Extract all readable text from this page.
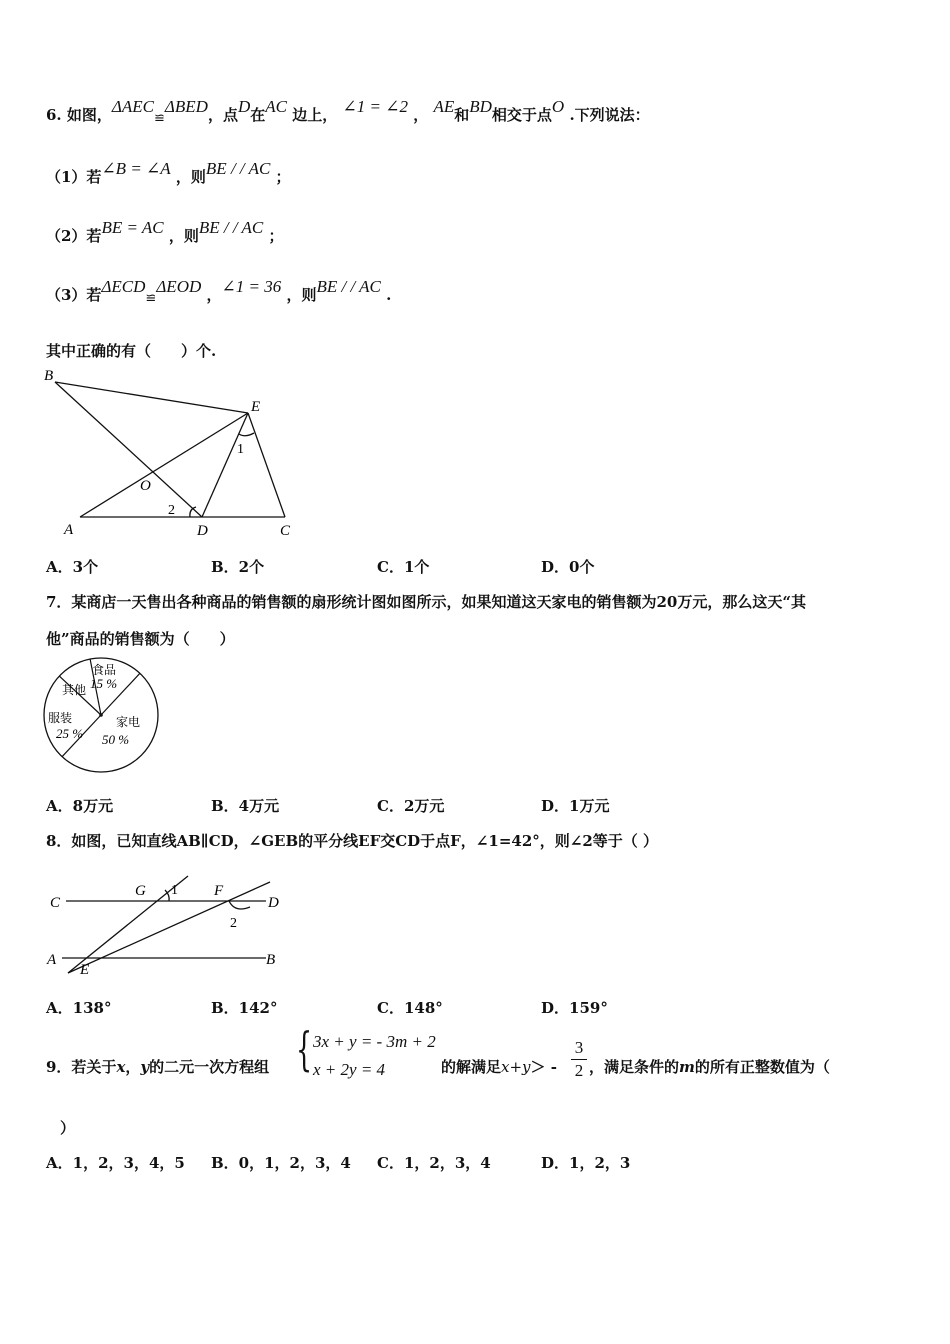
6. 如图，ΔAEC≌ΔBED，点D在AC 边上， ∠1 = ∠2 ， AE和BD相交于点O .下列说法：
（1）若∠B = ∠A ，则BE / / AC ；
（2）若BE = AC ，则BE / / AC ；
（3）若ΔECD≌ΔEOD ，∠1 = 36 ，则BE / / AC .
其中正确的有（　　）个.
B
E
O
A	D	C
1
2
A．3个	B．2个	C．1个	D．0个
7．某商店一天售出各种商品的销售额的扇形统计图如图所示，如果知道这天家电的销售额为20万元，那么这天“其
他”商品的销售额为（　　）
食品
15 %
其他
服装
25 %
家电
50 %
A．8万元	B．4万元	C．2万元	D．1万元
8．如图，已知直线AB∥CD，∠GEB的平分线EF交CD于点F，∠1=42°，则∠2等于（ ）
C
G 1 F
D
2
A
E
B
A．138°	B．142°	C．148°	D．159°
9．若关于x，y的二元一次方程组 { 3x + y = - 3m + 2
x + 2y = 4	的解满足x+y＞ -
3
2 ，满足条件的m的所有正整数值为（
）
A．1，2，3，4，5 B．0，1，2，3，4 C．1，2，3，4	D．1，2，3
